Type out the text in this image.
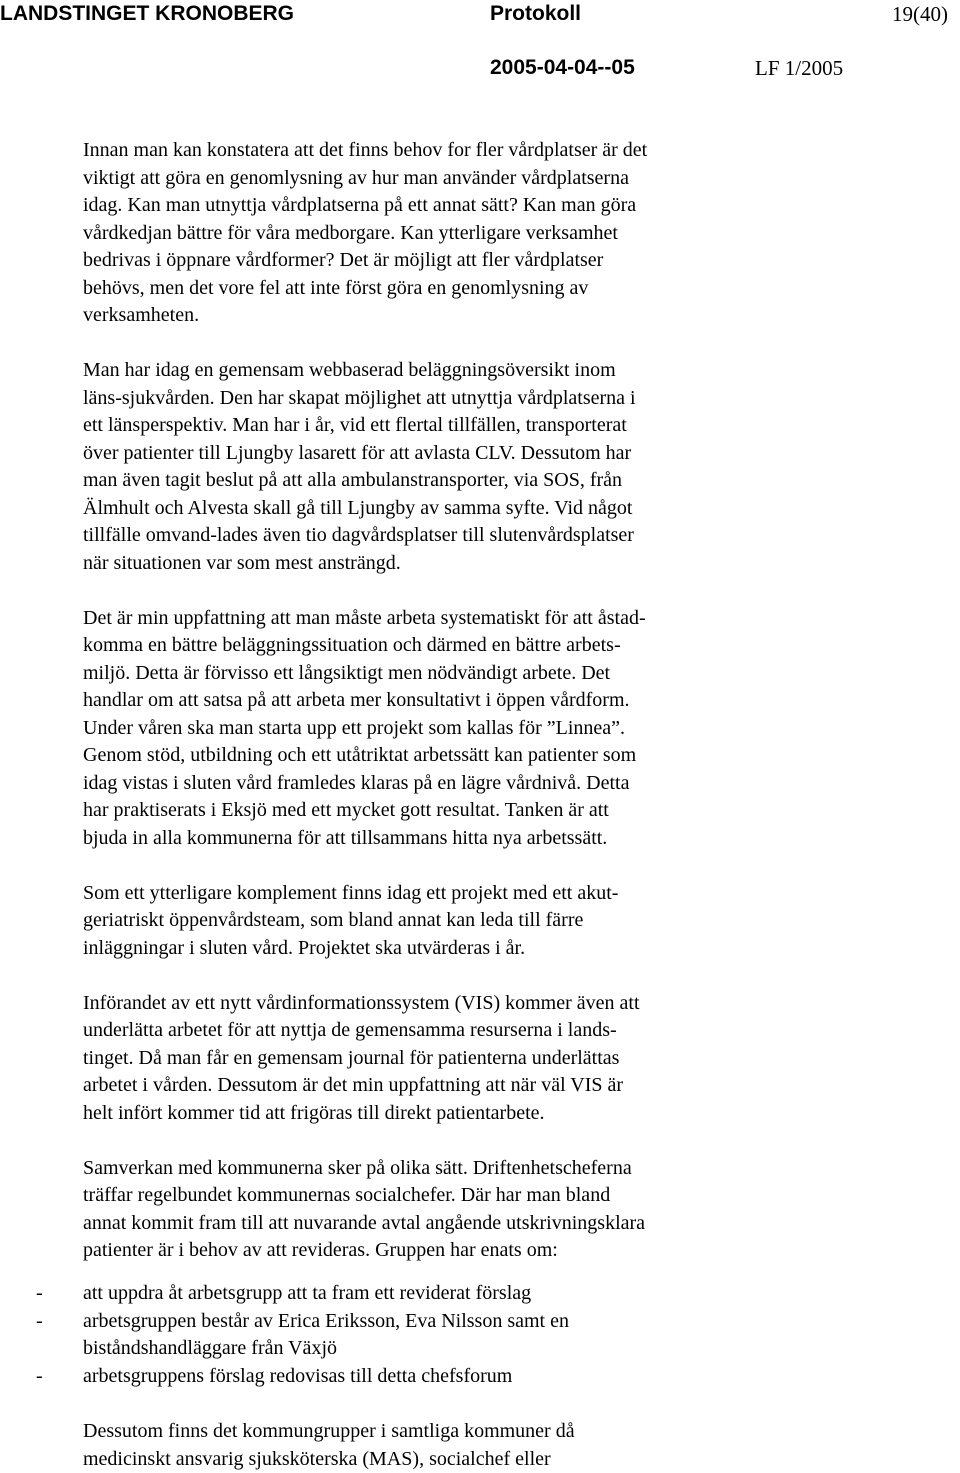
LANDSTINGET KRONOBERG	Protokoll	19(40)
2005-04-04--05	LF 1/2005
Innan man kan konstatera att det finns behov for fler vårdplatser är det
viktigt att göra en genomlysning av hur man använder vårdplatserna
idag. Kan man utnyttja vårdplatserna på ett annat sätt? Kan man göra
vårdkedjan bättre för våra medborgare. Kan ytterligare verksamhet
bedrivas i öppnare vårdformer? Det är möjligt att fler vårdplatser
behövs, men det vore fel att inte först göra en genomlysning av
verksamheten.
Man har idag en gemensam webbaserad beläggningsöversikt inom
läns-sjukvården. Den har skapat möjlighet att utnyttja vårdplatserna i
ett länsperspektiv. Man har i år, vid ett flertal tillfällen, transporterat
över patienter till Ljungby lasarett för att avlasta CLV. Dessutom har
man även tagit beslut på att alla ambulanstransporter, via SOS, från
Älmhult och Alvesta skall gå till Ljungby av samma syfte. Vid något
tillfälle omvand-lades även tio dagvårdsplatser till slutenvårdsplatser
när situationen var som mest ansträngd.
Det är min uppfattning att man måste arbeta systematiskt för att åstad-
komma en bättre beläggningssituation och därmed en bättre arbets-
miljö. Detta är förvisso ett långsiktigt men nödvändigt arbete. Det
handlar om att satsa på att arbeta mer konsultativt i öppen vårdform.
Under våren ska man starta upp ett projekt som kallas för ”Linnea”.
Genom stöd, utbildning och ett utåtriktat arbetssätt kan patienter som
idag vistas i sluten vård framledes klaras på en lägre vårdnivå. Detta
har praktiserats i Eksjö med ett mycket gott resultat. Tanken är att
bjuda in alla kommunerna för att tillsammans hitta nya arbetssätt.
Som ett ytterligare komplement finns idag ett projekt med ett akut-
geriatriskt öppenvårdsteam, som bland annat kan leda till färre
inläggningar i sluten vård. Projektet ska utvärderas i år.
Införandet av ett nytt vårdinformationssystem (VIS) kommer även att
underlätta arbetet för att nyttja de gemensamma resurserna i lands-
tinget. Då man får en gemensam journal för patienterna underlättas
arbetet i vården. Dessutom är det min uppfattning att när väl VIS är
helt infört kommer tid att frigöras till direkt patientarbete.
Samverkan med kommunerna sker på olika sätt. Driftenhetscheferna
träffar regelbundet kommunernas socialchefer. Där har man bland
annat kommit fram till att nuvarande avtal angående utskrivningsklara
patienter är i behov av att revideras. Gruppen har enats om:
- att uppdra åt arbetsgrupp att ta fram ett reviderat förslag
- arbetsgruppen består av Erica Eriksson, Eva Nilsson samt en
biståndshandläggare från Växjö
- arbetsgruppens förslag redovisas till detta chefsforum
Dessutom finns det kommungrupper i samtliga kommuner då
medicinskt ansvarig sjuksköterska (MAS), socialchef eller
